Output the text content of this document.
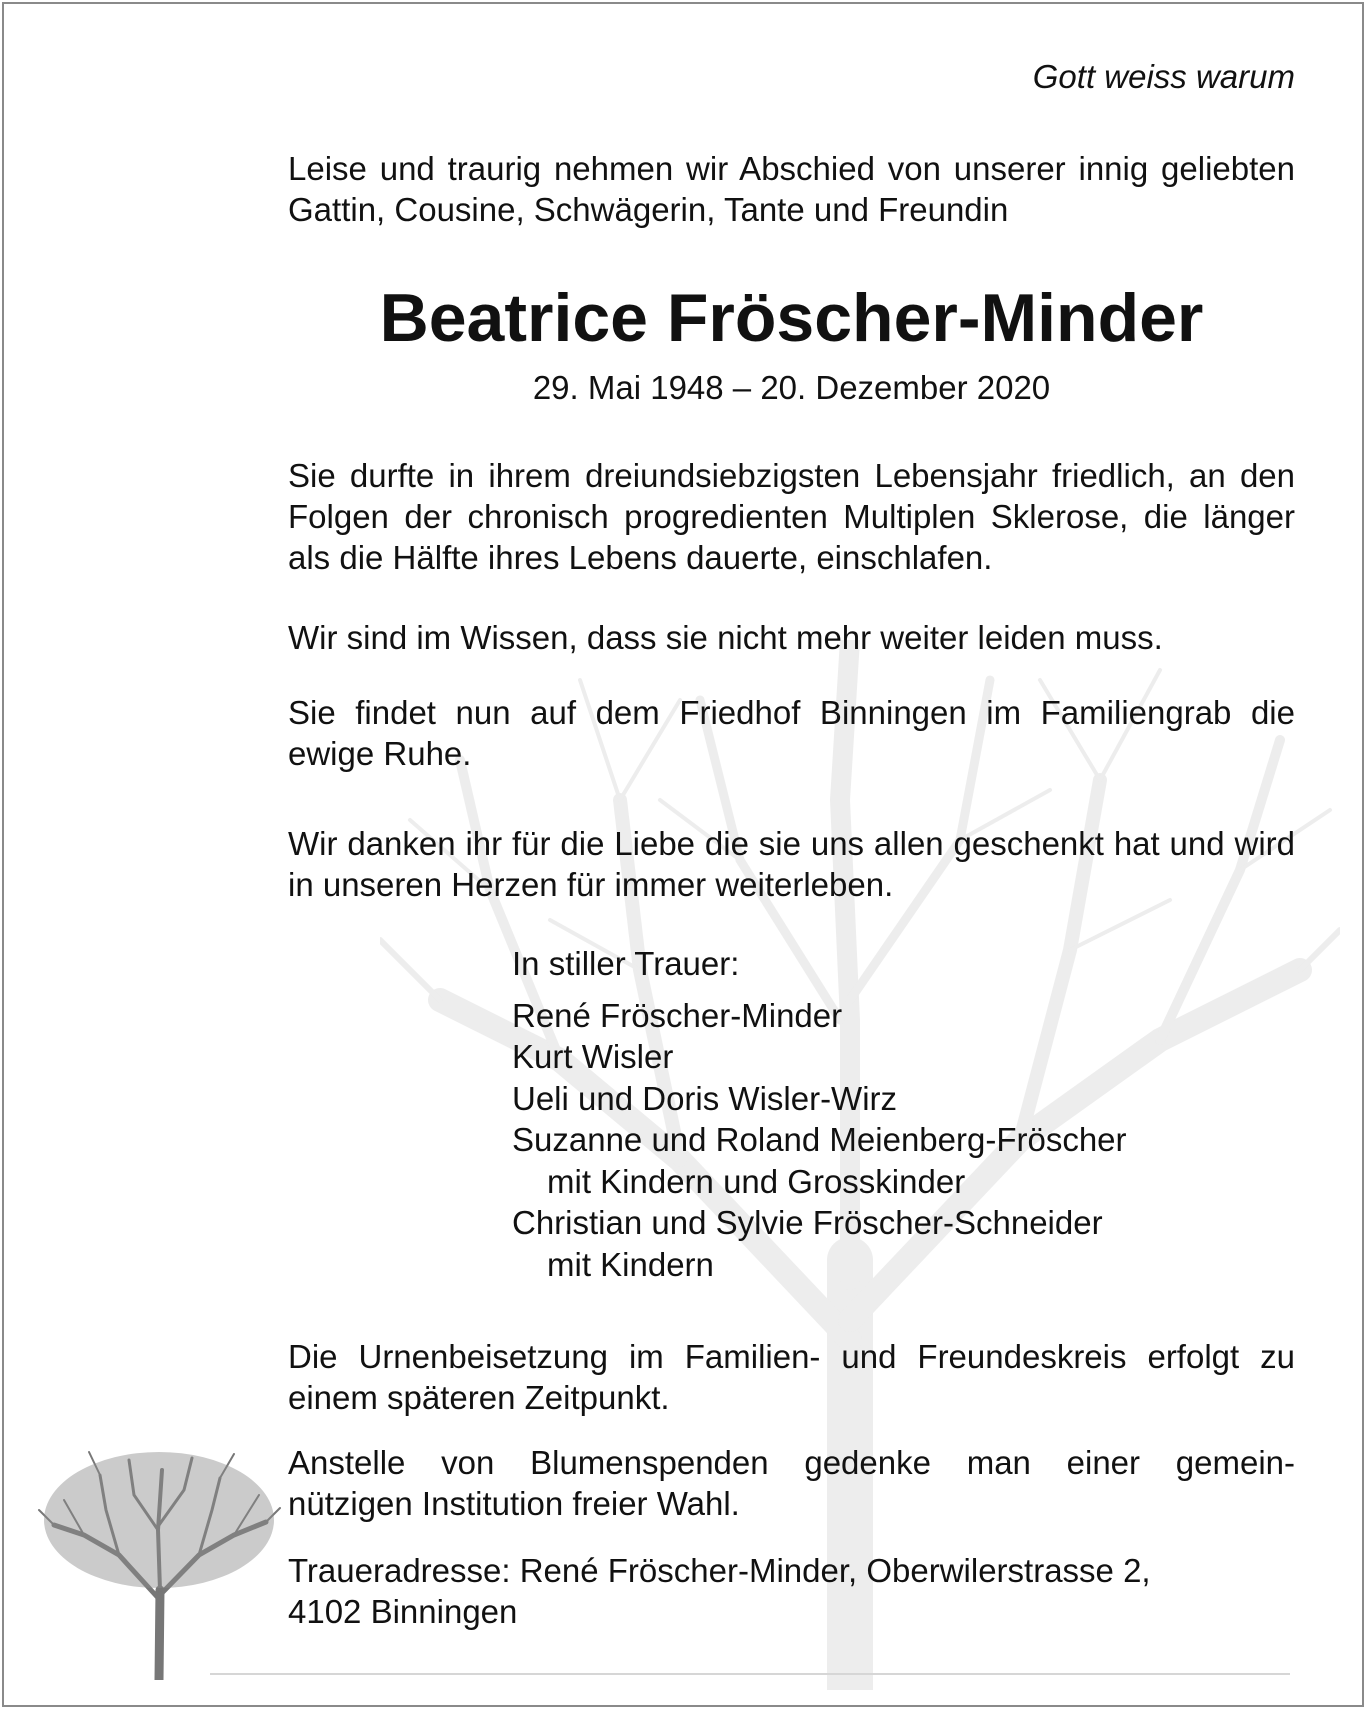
Gott weiss warum
Leise und traurig nehmen wir Abschied von unserer innig geliebten Gattin, Cousine, Schwägerin, Tante und Freundin
Beatrice Fröscher-Minder
29. Mai 1948 – 20. Dezember 2020
Sie durfte in ihrem dreiundsiebzigsten Lebensjahr friedlich, an den Folgen der chronisch progredienten Multiplen Sklerose, die länger als die Hälfte ihres Lebens dauerte, einschlafen.
Wir sind im Wissen, dass sie nicht mehr weiter leiden muss.
Sie findet nun auf dem Friedhof Binningen im Familiengrab die ewige Ruhe.
Wir danken ihr für die Liebe die sie uns allen geschenkt hat und wird in unseren Herzen für immer weiterleben.
In stiller Trauer:
René Fröscher-Minder
Kurt Wisler
Ueli und Doris Wisler-Wirz
Suzanne und Roland Meienberg-Fröscher
mit Kindern und Grosskinder
Christian und Sylvie Fröscher-Schneider
mit Kindern
Die Urnenbeisetzung im Familien- und Freundeskreis erfolgt zu einem späteren Zeitpunkt.
Anstelle von Blumenspenden gedenke man einer gemein-
nützigen Institution freier Wahl.
Traueradresse: René Fröscher-Minder, Oberwilerstrasse 2,
4102 Binningen
